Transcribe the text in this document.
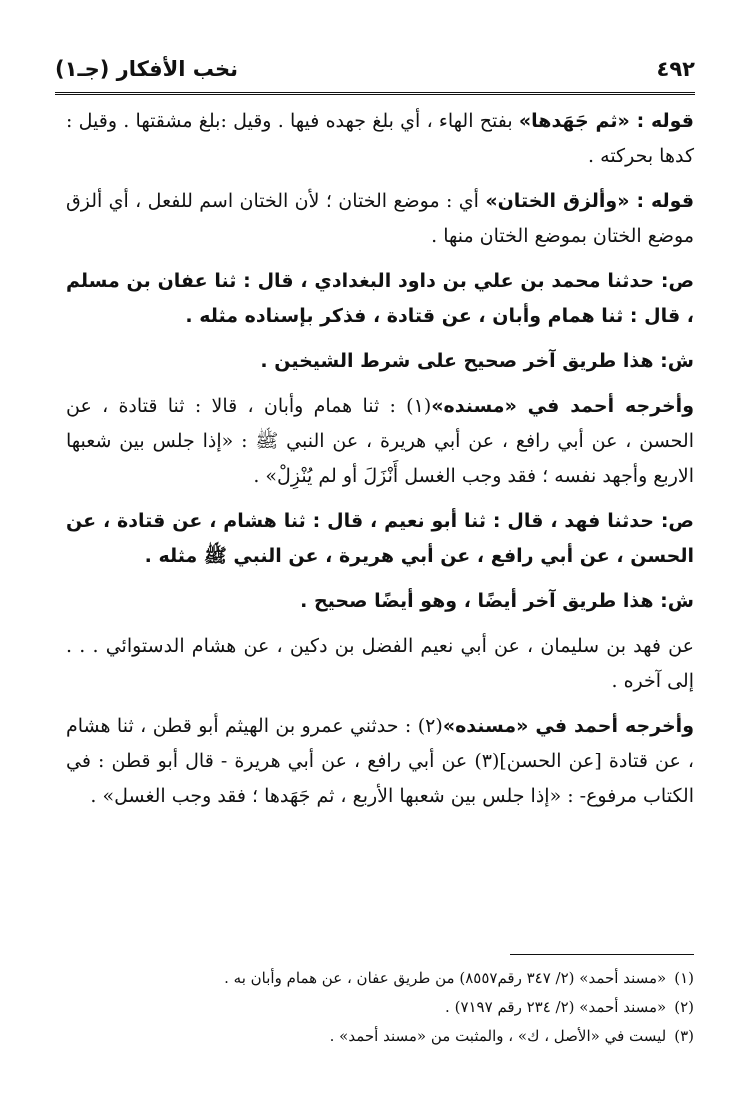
٤٩٢
نخب الأفكار (جـ١)

قوله : «ثم جَهَدها» بفتح الهاء ، أي بلغ جهده فيها . وقيل :بلغ مشقتها . وقيل : كدها بحركته .

قوله : «وألزق الختان» أي : موضع الختان ؛ لأن الختان اسم للفعل ، أي ألزق موضع الختان بموضع الختان منها .

ص: حدثنا محمد بن علي بن داود البغدادي ، قال : ثنا عفان بن مسلم ، قال : ثنا همام وأبان ، عن قتادة ، فذكر بإسناده مثله .

ش: هذا طريق آخر صحيح على شرط الشيخين .

وأخرجه أحمد في «مسنده»(١) : ثنا همام وأبان ، قالا : ثنا قتادة ، عن الحسن ، عن أبي رافع ، عن أبي هريرة ، عن النبي ﷺ : «إذا جلس بين شعبها الاربع وأجهد نفسه ؛ فقد وجب الغسل أَنْزَلَ أو لم يُنْزِلْ» .

ص: حدثنا فهد ، قال : ثنا أبو نعيم ، قال : ثنا هشام ، عن قتادة ، عن الحسن ، عن أبي رافع ، عن أبي هريرة ، عن النبي ﷺ مثله .

ش: هذا طريق آخر أيضًا ، وهو أيضًا صحيح .

عن فهد بن سليمان ، عن أبي نعيم الفضل بن دكين ، عن هشام الدستوائي . . . إلى آخره .

وأخرجه أحمد في «مسنده»(٢) : حدثني عمرو بن الهيثم أبو قطن ، ثنا هشام ، عن قتادة [عن الحسن](٣) عن أبي رافع ، عن أبي هريرة - قال أبو قطن : في الكتاب مرفوع- : «إذا جلس بين شعبها الأربع ، ثم جَهَدها ؛ فقد وجب الغسل» .

(١)«مسند أحمد» (٢/ ٣٤٧ رقم٨٥٥٧) من طريق عفان ، عن همام وأبان به .

(٢)«مسند أحمد» (٢/ ٢٣٤ رقم ٧١٩٧) .

(٣)ليست في «الأصل ، ك» ، والمثبت من «مسند أحمد» .
